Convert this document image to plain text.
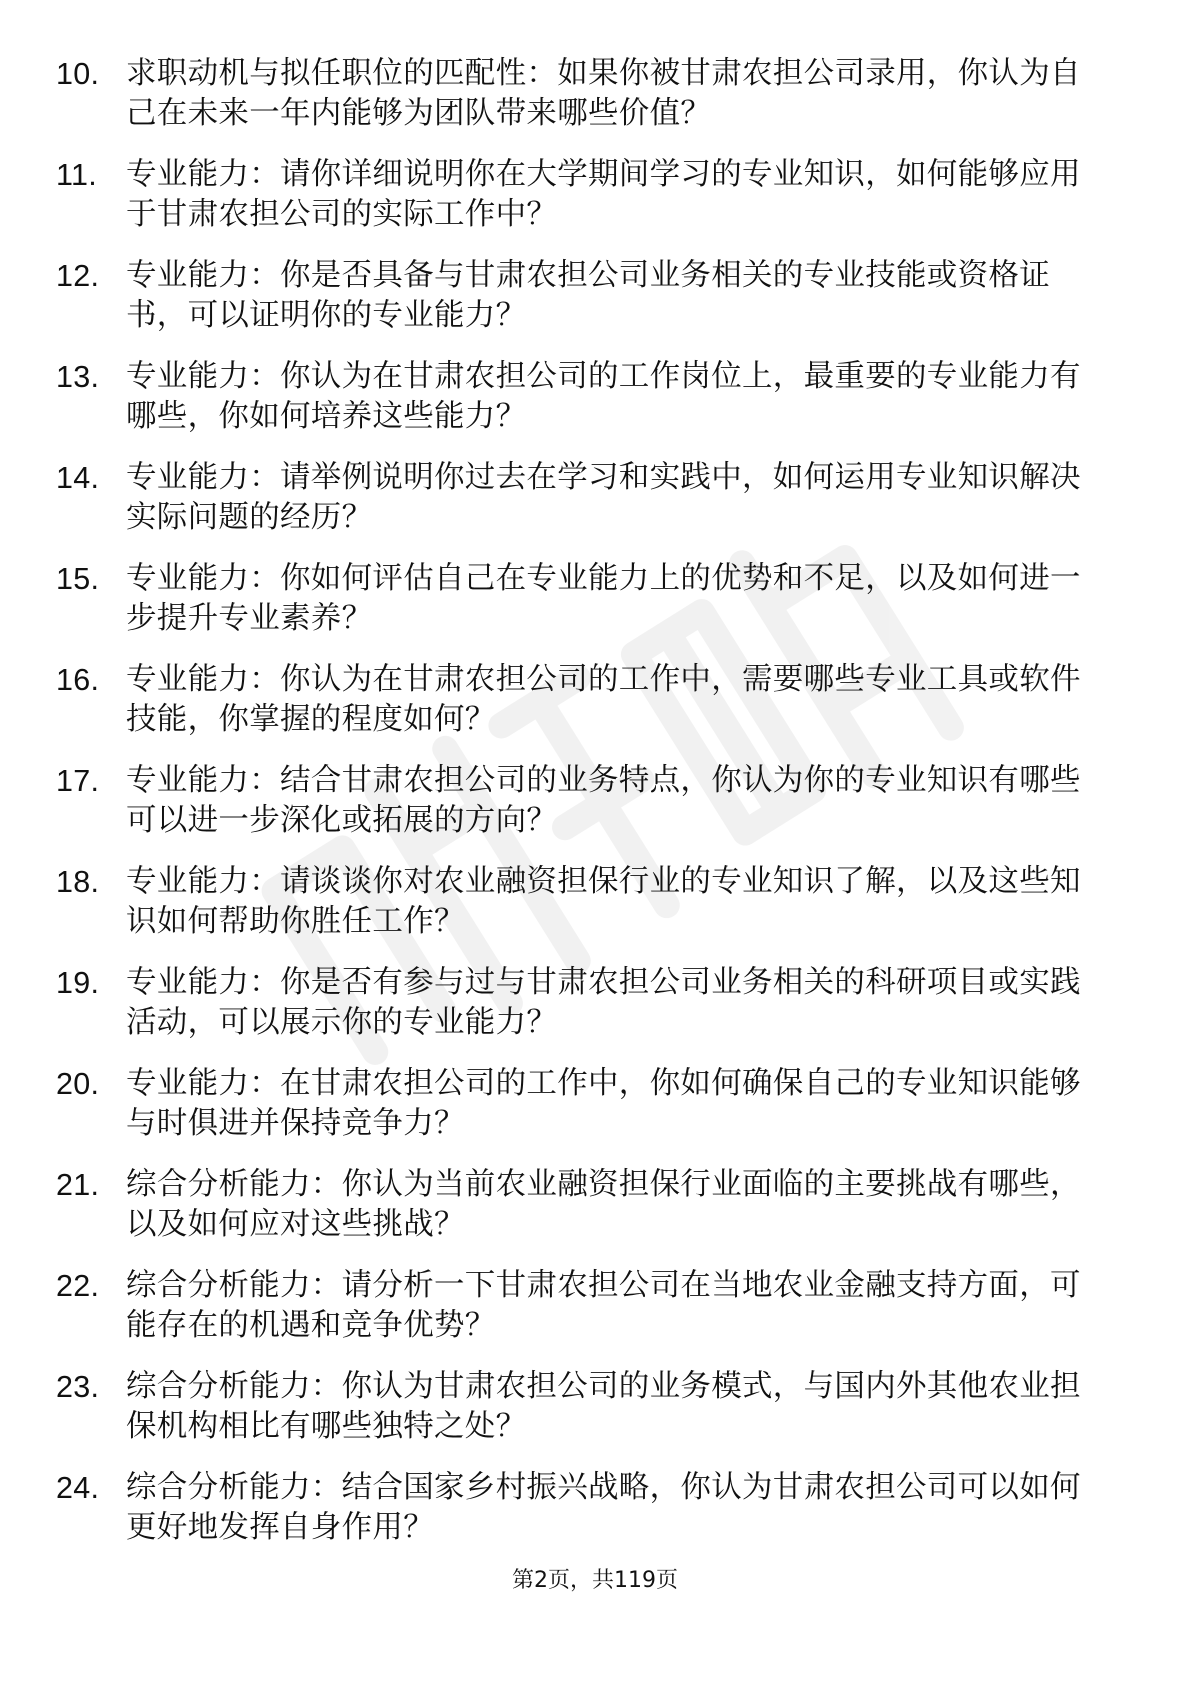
10. 求职动机与拟任职位的匹配性：如果你被甘肃农担公司录用，你认为自己在未来一年内能够为团队带来哪些价值？
11. 专业能力：请你详细说明你在大学期间学习的专业知识，如何能够应用于甘肃农担公司的实际工作中？
12. 专业能力：你是否具备与甘肃农担公司业务相关的专业技能或资格证书，可以证明你的专业能力？
13. 专业能力：你认为在甘肃农担公司的工作岗位上，最重要的专业能力有哪些，你如何培养这些能力？
14. 专业能力：请举例说明你过去在学习和实践中，如何运用专业知识解决实际问题的经历？
15. 专业能力：你如何评估自己在专业能力上的优势和不足，以及如何进一步提升专业素养？
16. 专业能力：你认为在甘肃农担公司的工作中，需要哪些专业工具或软件技能，你掌握的程度如何？
17. 专业能力：结合甘肃农担公司的业务特点，你认为你的专业知识有哪些可以进一步深化或拓展的方向？
18. 专业能力：请谈谈你对农业融资担保行业的专业知识了解，以及这些知识如何帮助你胜任工作？
19. 专业能力：你是否有参与过与甘肃农担公司业务相关的科研项目或实践活动，可以展示你的专业能力？
20. 专业能力：在甘肃农担公司的工作中，你如何确保自己的专业知识能够与时俱进并保持竞争力？
21. 综合分析能力：你认为当前农业融资担保行业面临的主要挑战有哪些，以及如何应对这些挑战？
22. 综合分析能力：请分析一下甘肃农担公司在当地农业金融支持方面，可能存在的机遇和竞争优势？
23. 综合分析能力：你认为甘肃农担公司的业务模式，与国内外其他农业担保机构相比有哪些独特之处？
24. 综合分析能力：结合国家乡村振兴战略，你认为甘肃农担公司可以如何更好地发挥自身作用？
第2页，共119页
